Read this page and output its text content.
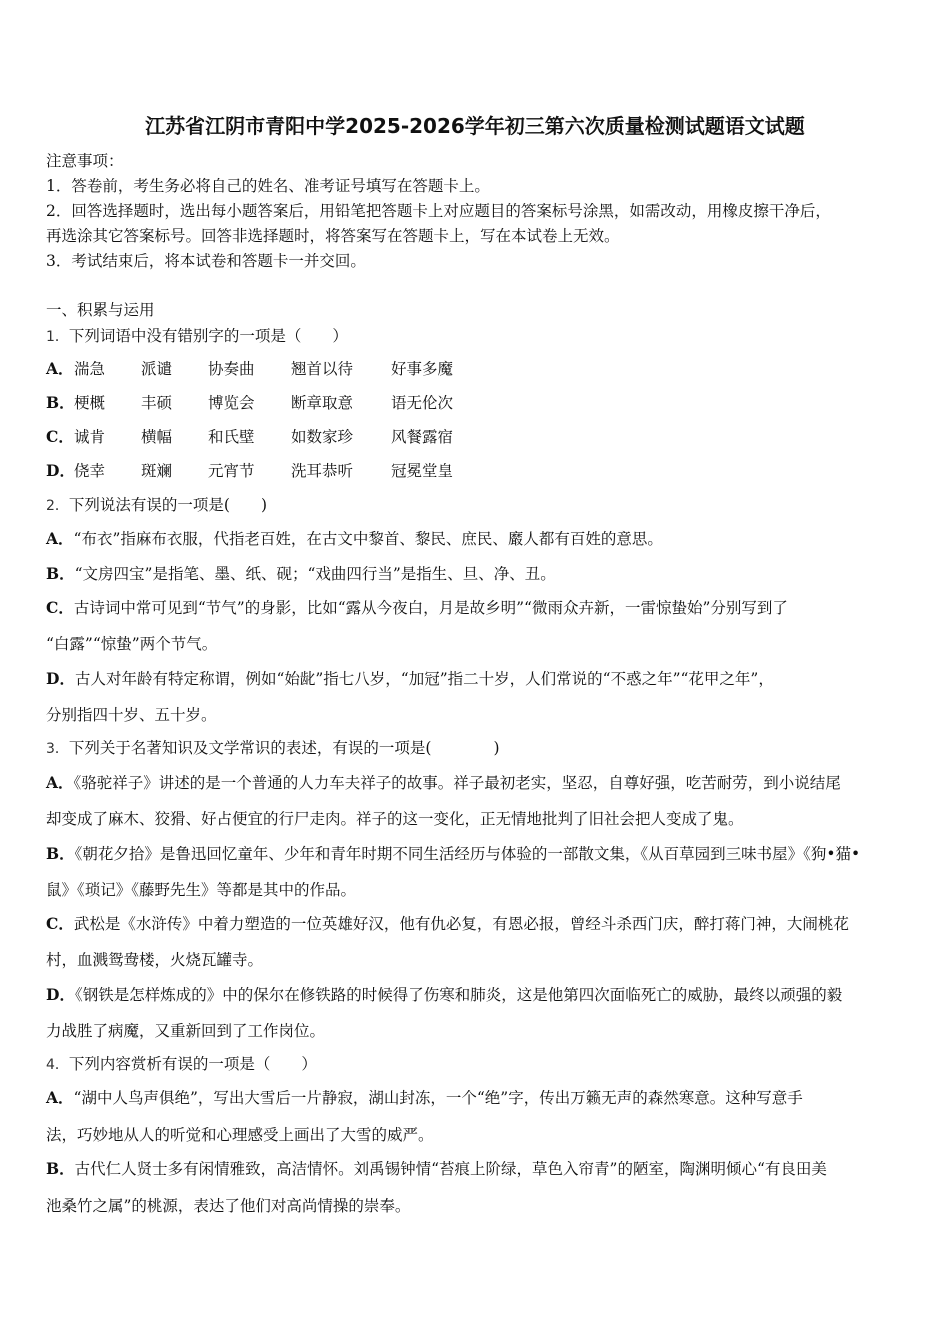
江苏省江阴市青阳中学2025-2026学年初三第六次质量检测试题语文试题
注意事项：
1．答卷前，考生务必将自己的姓名、准考证号填写在答题卡上。
2．回答选择题时，选出每小题答案后，用铅笔把答题卡上对应题目的答案标号涂黑，如需改动，用橡皮擦干净后，
再选涂其它答案标号。回答非选择题时，将答案写在答题卡上，写在本试卷上无效。
3．考试结束后，将本试卷和答题卡一并交回。
一、积累与运用
1．下列词语中没有错别字的一项是（　　）
A．湍急 派谴 协奏曲 翘首以待 好事多魔
B．梗概 丰硕 博览会 断章取意 语无伦次
C．诚肯 横幅 和氏壁 如数家珍 风餐露宿
D．侥幸 斑斓 元宵节 洗耳恭听 冠冕堂皇
2．下列说法有误的一项是(　　)
A．“布衣”指麻布衣服，代指老百姓，在古文中黎首、黎民、庶民、黀人都有百姓的意思。
B．“文房四宝”是指笔、墨、纸、砚；“戏曲四行当”是指生、旦、净、丑。
C．古诗词中常可见到“节气”的身影，比如“露从今夜白，月是故乡明”“微雨众卉新，一雷惊蛰始”分别写到了
“白露”“惊蛰”两个节气。
D．古人对年龄有特定称谓，例如“始龀”指七八岁，“加冠”指二十岁，人们常说的“不惑之年”“花甲之年”，
分别指四十岁、五十岁。
3．下列关于名著知识及文学常识的表述，有误的一项是(　　　　)
A．《骆驼祥子》讲述的是一个普通的人力车夫祥子的故事。祥子最初老实，坚忍，自尊好强，吃苦耐劳，到小说结尾
却变成了麻木、狡猾、好占便宜的行尸走肉。祥子的这一变化，正无情地批判了旧社会把人变成了鬼。
B．《朝花夕拾》是鲁迅回忆童年、少年和青年时期不同生活经历与体验的一部散文集，《从百草园到三味书屋》《狗•猫•
鼠》《琐记》《藤野先生》等都是其中的作品。
C．武松是《水浒传》中着力塑造的一位英雄好汉，他有仇必复，有恩必报，曾经斗杀西门庆，醉打蒋门神，大闹桃花
村，血溅鸳鸯楼，火烧瓦罐寺。
D．《钢铁是怎样炼成的》中的保尔在修铁路的时候得了伤寒和肺炎，这是他第四次面临死亡的威胁，最终以顽强的毅
力战胜了病魔，又重新回到了工作岗位。
4．下列内容赏析有误的一项是（　　）
A．“湖中人鸟声俱绝”，写出大雪后一片静寂，湖山封冻，一个“绝”字，传出万籁无声的森然寒意。这种写意手
法，巧妙地从人的听觉和心理感受上画出了大雪的威严。
B．古代仁人贤士多有闲情雅致，高洁情怀。刘禹锡钟情“苔痕上阶绿，草色入帘青”的陋室，陶渊明倾心“有良田美
池桑竹之属”的桃源，表达了他们对高尚情操的崇奉。
